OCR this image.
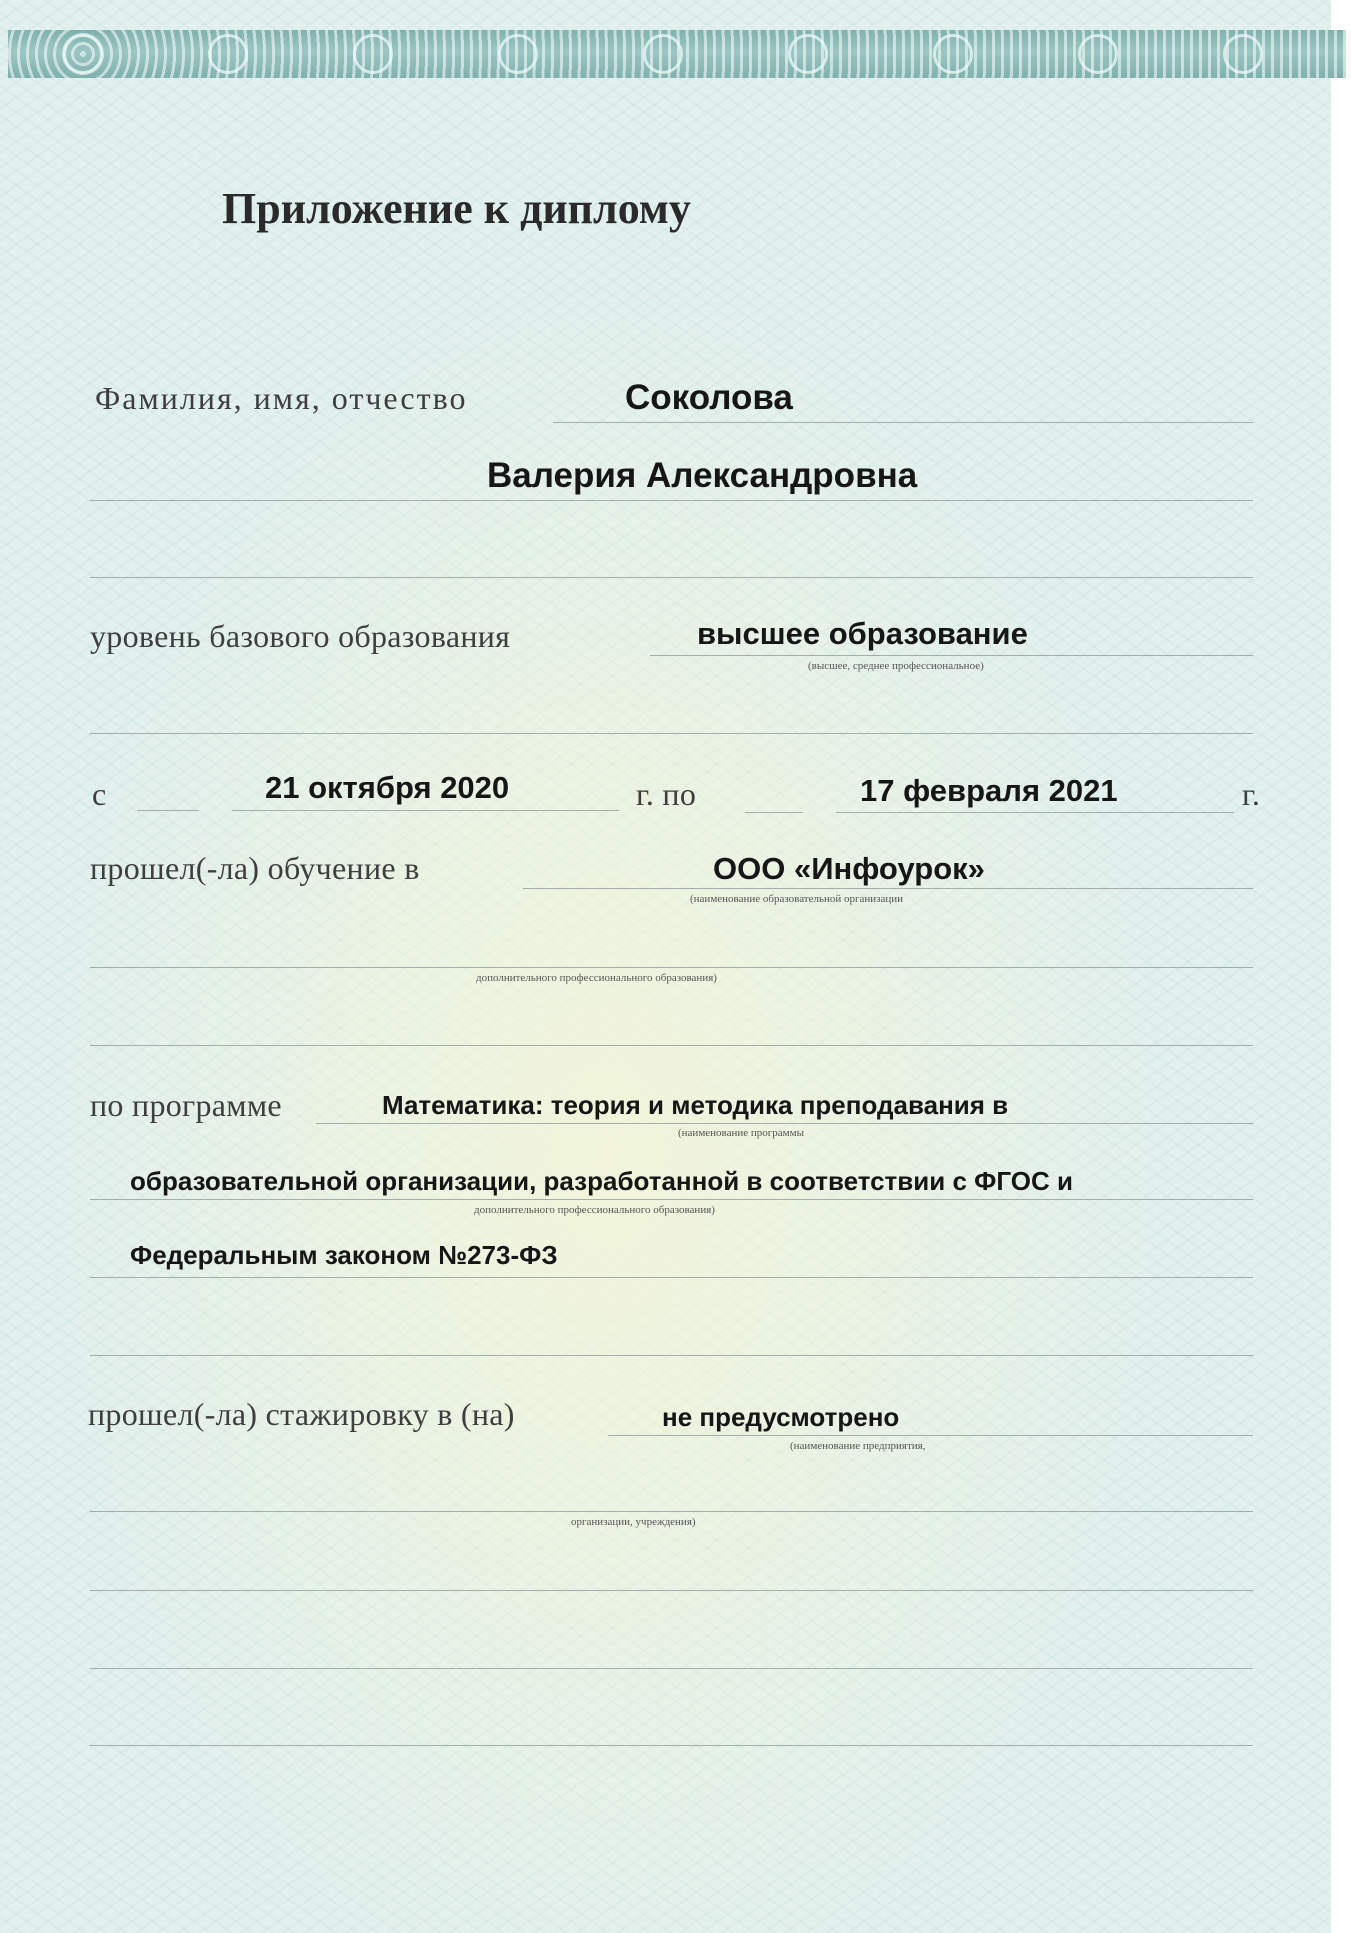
Приложение к диплому
Фамилия, имя, отчество	Соколова
Валерия Александровна
уровень базового образования	высшее образование
(высшее, среднее профессиональное)
с	21 октября 2020	г. по	17 февраля 2021	г.
прошел(-ла) обучение в	ООО «Инфоурок»
(наименование образовательной организации
дополнительного профессионального образования)
по программе	Математика: теория и методика преподавания в
(наименование программы
образовательной организации, разработанной в соответствии с ФГОС и
дополнительного профессионального образования)
Федеральным законом №273-ФЗ
прошел(-ла) стажировку в (на)	не предусмотрено
(наименование предприятия,
организации, учреждения)
